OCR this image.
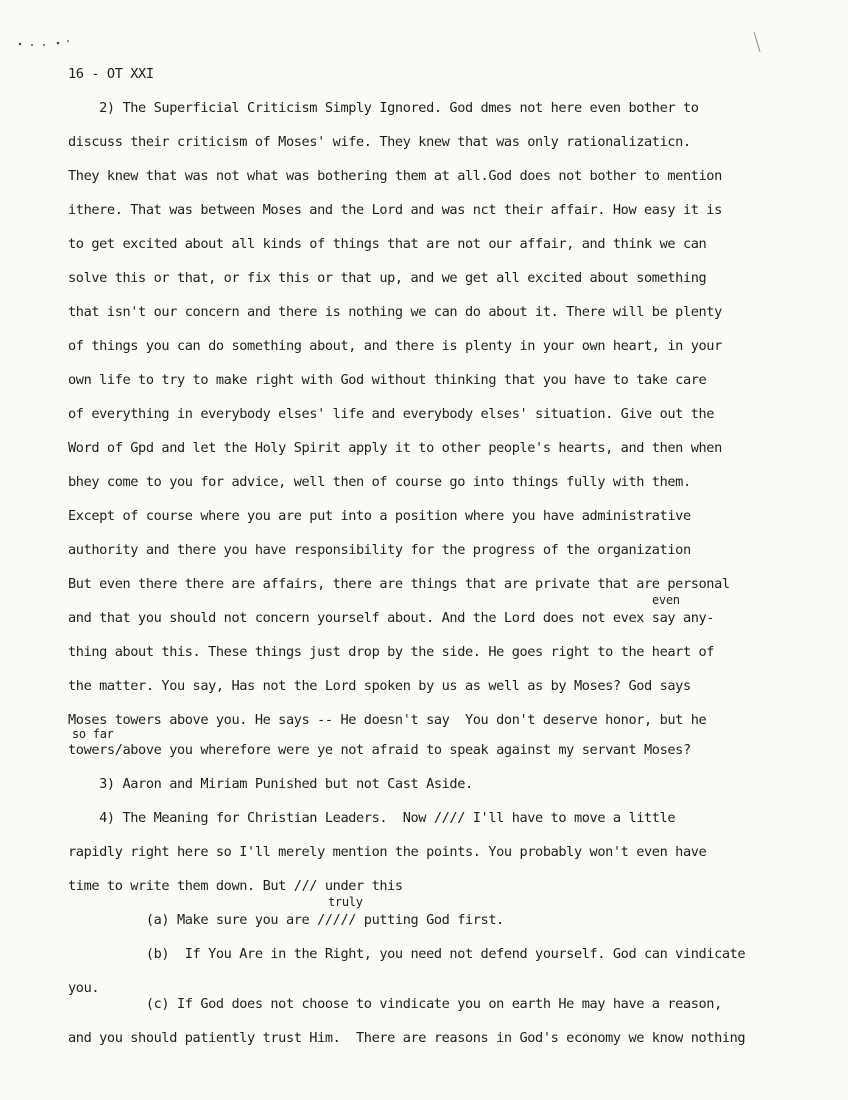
16 - OT XXI
2) The Superficial Criticism Simply Ignored. God dmes not here even bother to
discuss their criticism of Moses' wife. They knew that was only rationalizaticn.
They knew that was not what was bothering them at all.God does not bother to mention
ithere. That was between Moses and the Lord and was nct their affair. How easy it is
to get excited about all kinds of things that are not our affair, and think we can
solve this or that, or fix this or that up, and we get all excited about something
that isn't our concern and there is nothing we can do about it. There will be plenty
of things you can do something about, and there is plenty in your own heart, in your
own life to try to make right with God without thinking that you have to take care
of everything in everybody elses' life and everybody elses' situation. Give out the
Word of Gpd and let the Holy Spirit apply it to other people's hearts, and then when
bhey come to you for advice, well then of course go into things fully with them.
Except of course where you are put into a position where you have administrative
authority and there you have responsibility for the progress of the organization
But even there there are affairs, there are things that are private that are personal
even
and that you should not concern yourself about. And the Lord does not evex say any-
thing about this. These things just drop by the side. He goes right to the heart of
the matter. You say, Has not the Lord spoken by us as well as by Moses? God says
Moses towers above you. He says -- He doesn't say  You don't deserve honor, but he
so far
towers/above you wherefore were ye not afraid to speak against my servant Moses?
3) Aaron and Miriam Punished but not Cast Aside.
4) The Meaning for Christian Leaders.  Now //// I'll have to move a little
rapidly right here so I'll merely mention the points. You probably won't even have
time to write them down. But /// under this
truly
(a) Make sure you are ///// putting God first.
(b)  If You Are in the Right, you need not defend yourself. God can vindicate
you.
(c) If God does not choose to vindicate you on earth He may have a reason,
and you should patiently trust Him.  There are reasons in God's economy we know nothing
